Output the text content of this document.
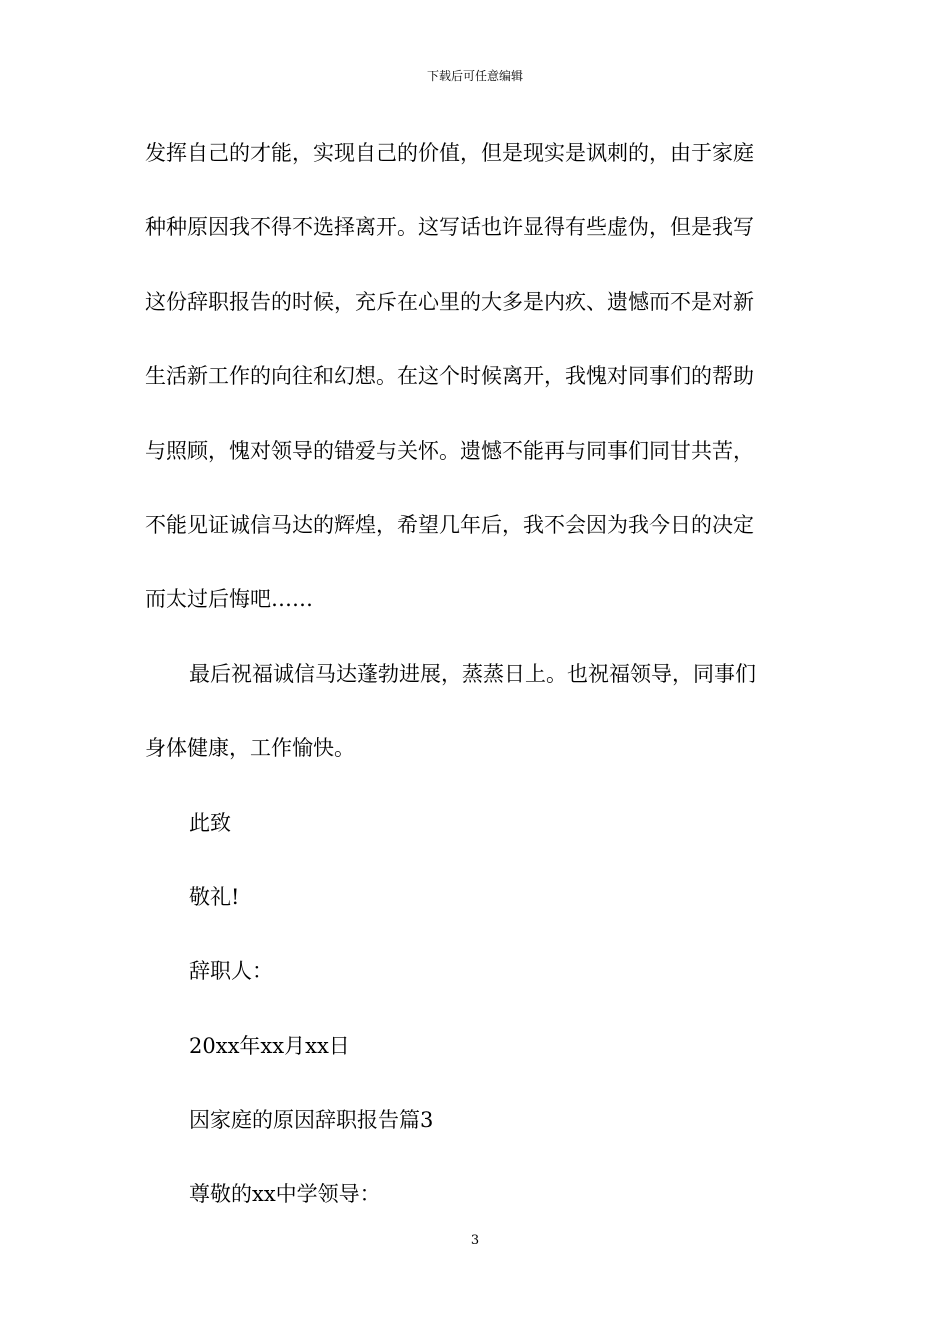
下载后可任意编辑
发挥自己的才能，实现自己的价值，但是现实是讽刺的，由于家庭
种种原因我不得不选择离开。这写话也许显得有些虚伪，但是我写
这份辞职报告的时候，充斥在心里的大多是内疚、遗憾而不是对新
生活新工作的向往和幻想。在这个时候离开，我愧对同事们的帮助
与照顾，愧对领导的错爱与关怀。遗憾不能再与同事们同甘共苦，
不能见证诚信马达的辉煌，希望几年后，我不会因为我今日的决定
而太过后悔吧……
最后祝福诚信马达蓬勃进展，蒸蒸日上。也祝福领导，同事们
身体健康，工作愉快。
此致
敬礼!
辞职人：
20xx年xx月xx日
因家庭的原因辞职报告篇3
尊敬的xx中学领导：
3
